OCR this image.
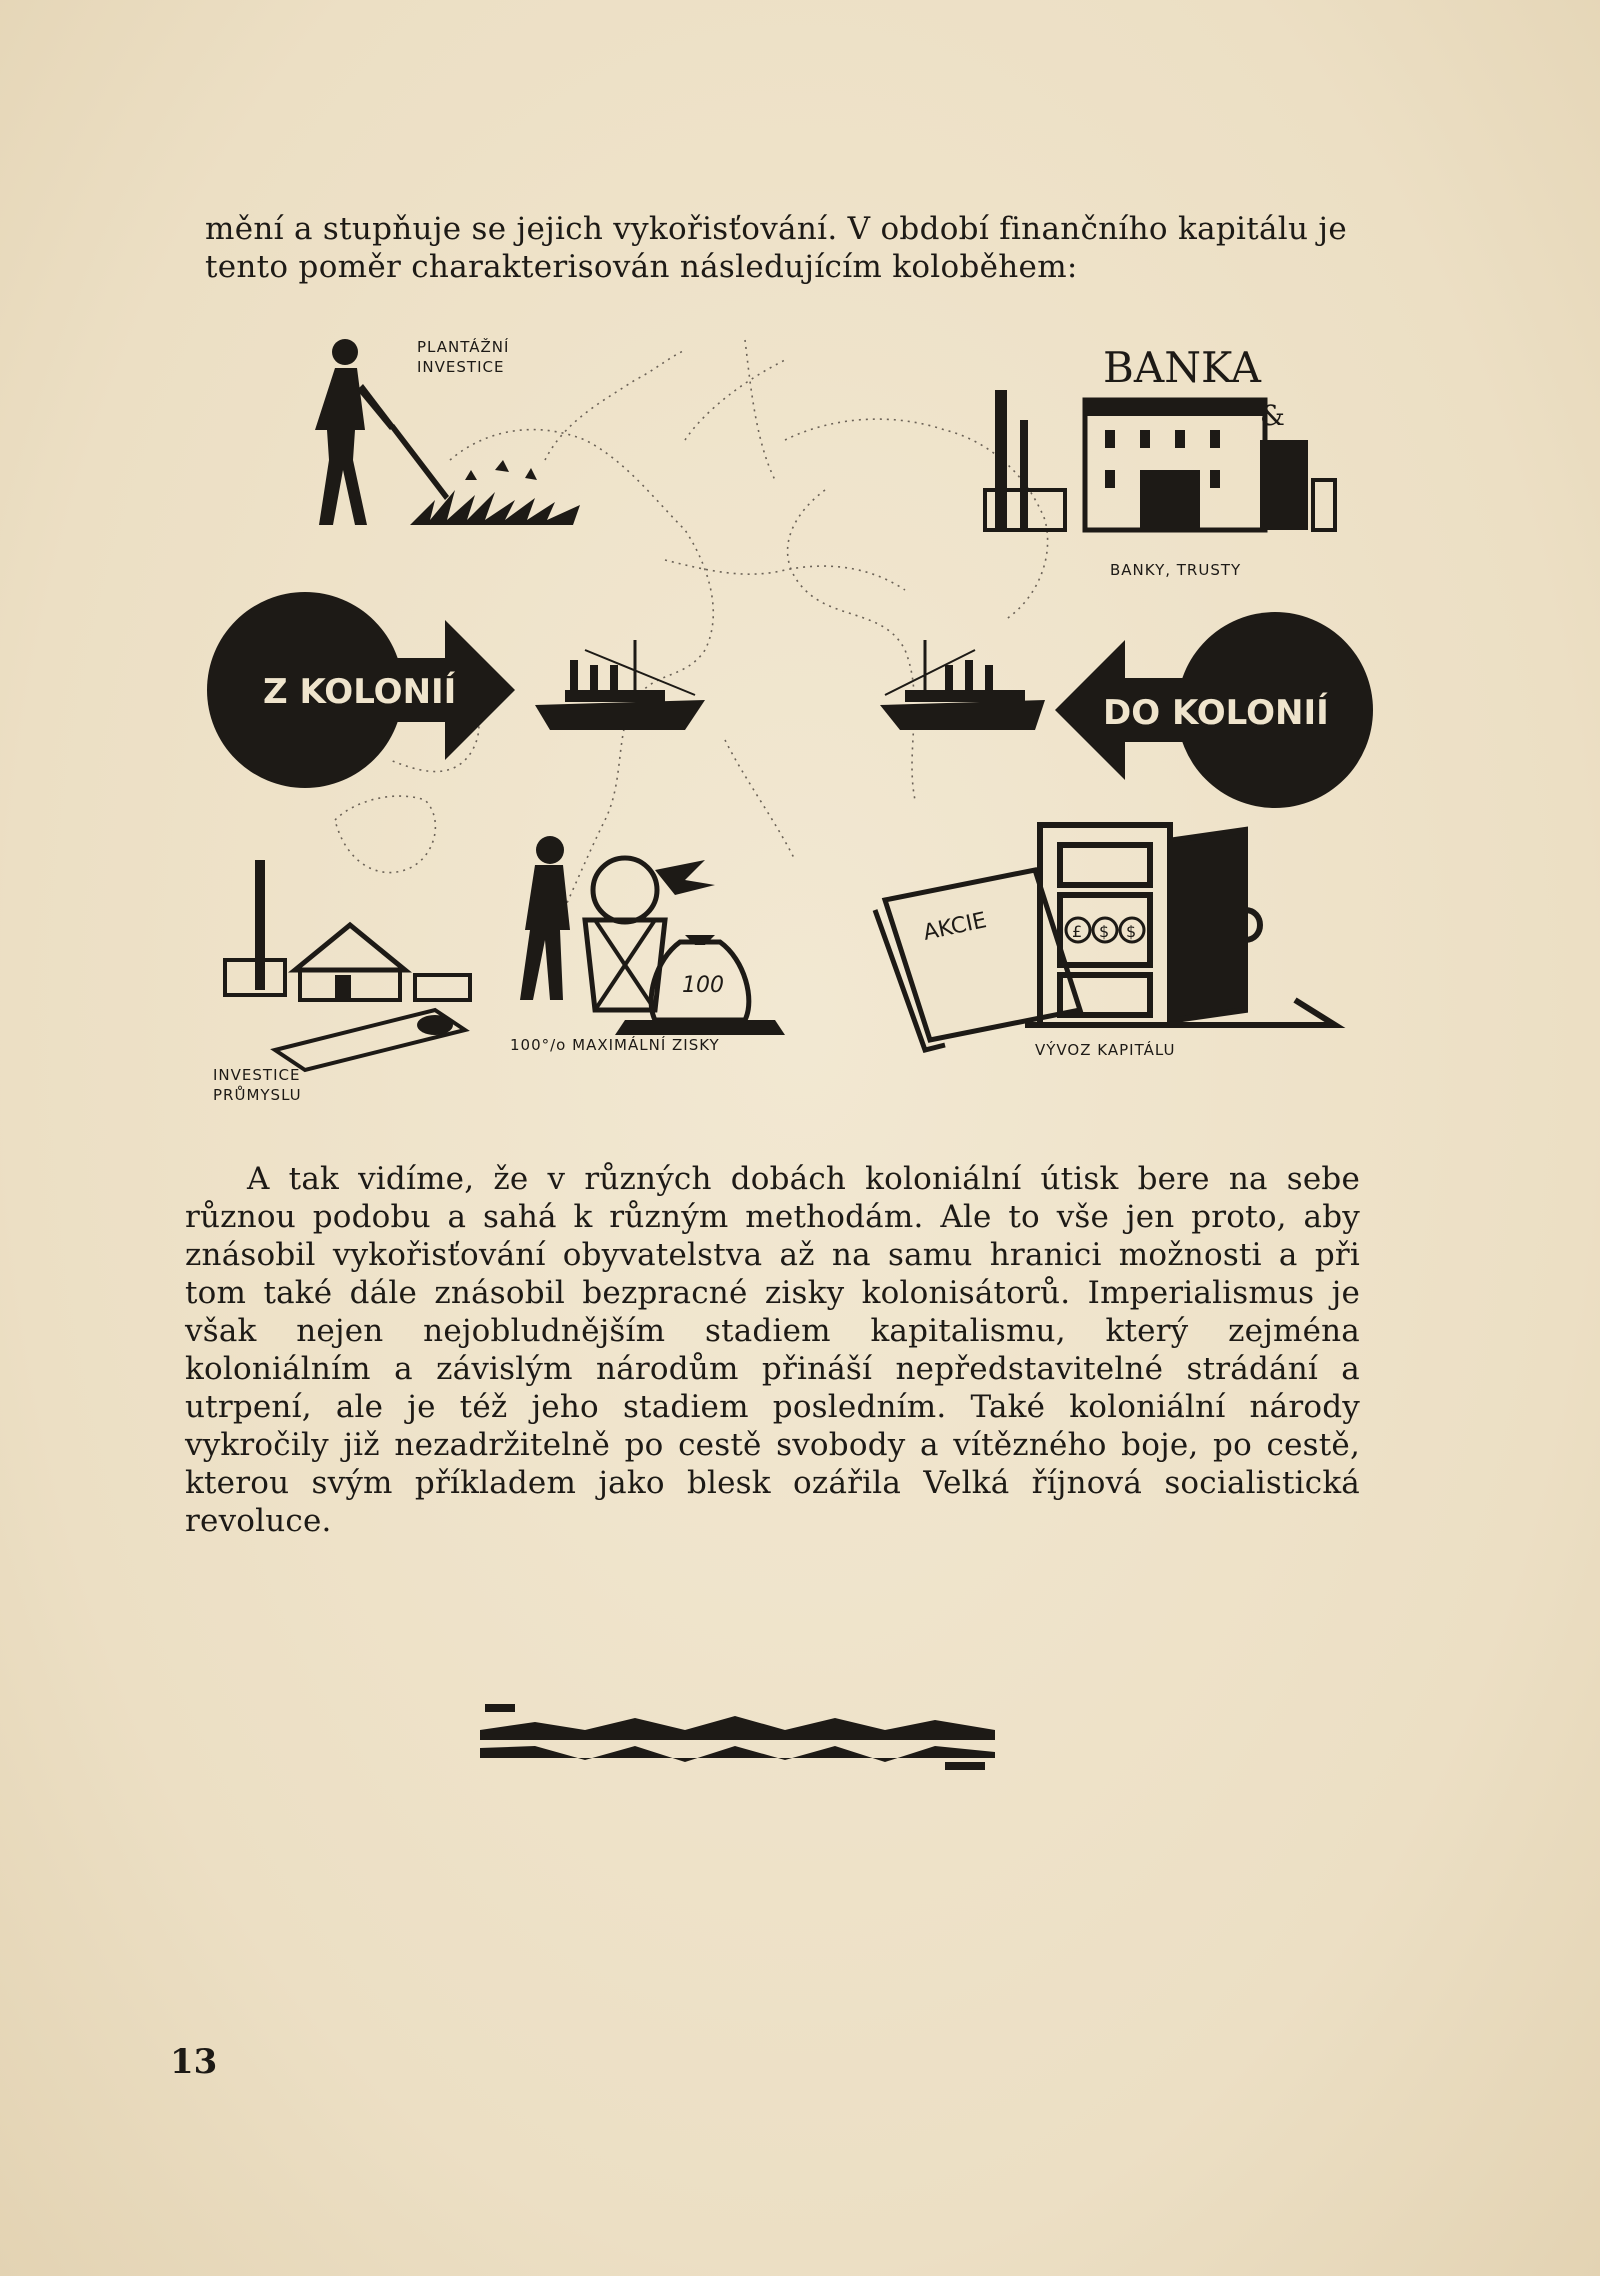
mění a stupňuje se jejich vykořisťování. V období finančního kapitálu je tento poměr charakterisován následujícím koloběhem:

PLANTÁŽNÍ
INVESTICE	BANKA
&
BANKY, TRUSTY
Z KOLONIÍ
DO KOLONIÍ
INVESTICE
PRŮMYSLU
100
100°/o MAXIMÁLNÍ ZISKY
AKCIE	£ $ $
VÝVOZ KAPITÁLU

A tak vidíme, že v různých dobách koloniální útisk bere na sebe různou podobu a sahá k různým methodám. Ale to vše jen proto, aby znásobil vykořisťování obyvatelstva až na samu hranici možnosti a při tom také dále znásobil bezpracné zisky kolonisátorů. Imperialismus je však nejen nejobludnějším stadiem kapitalismu, který zejména koloniálním a závislým národům přináší nepředstavitelné strádání a utrpení, ale je též jeho stadiem posledním. Také koloniální národy vykročily již nezadržitelně po cestě svobody a vítězného boje, po cestě, kterou svým příkladem jako blesk ozářila Velká říjnová socialistická revoluce.

13
